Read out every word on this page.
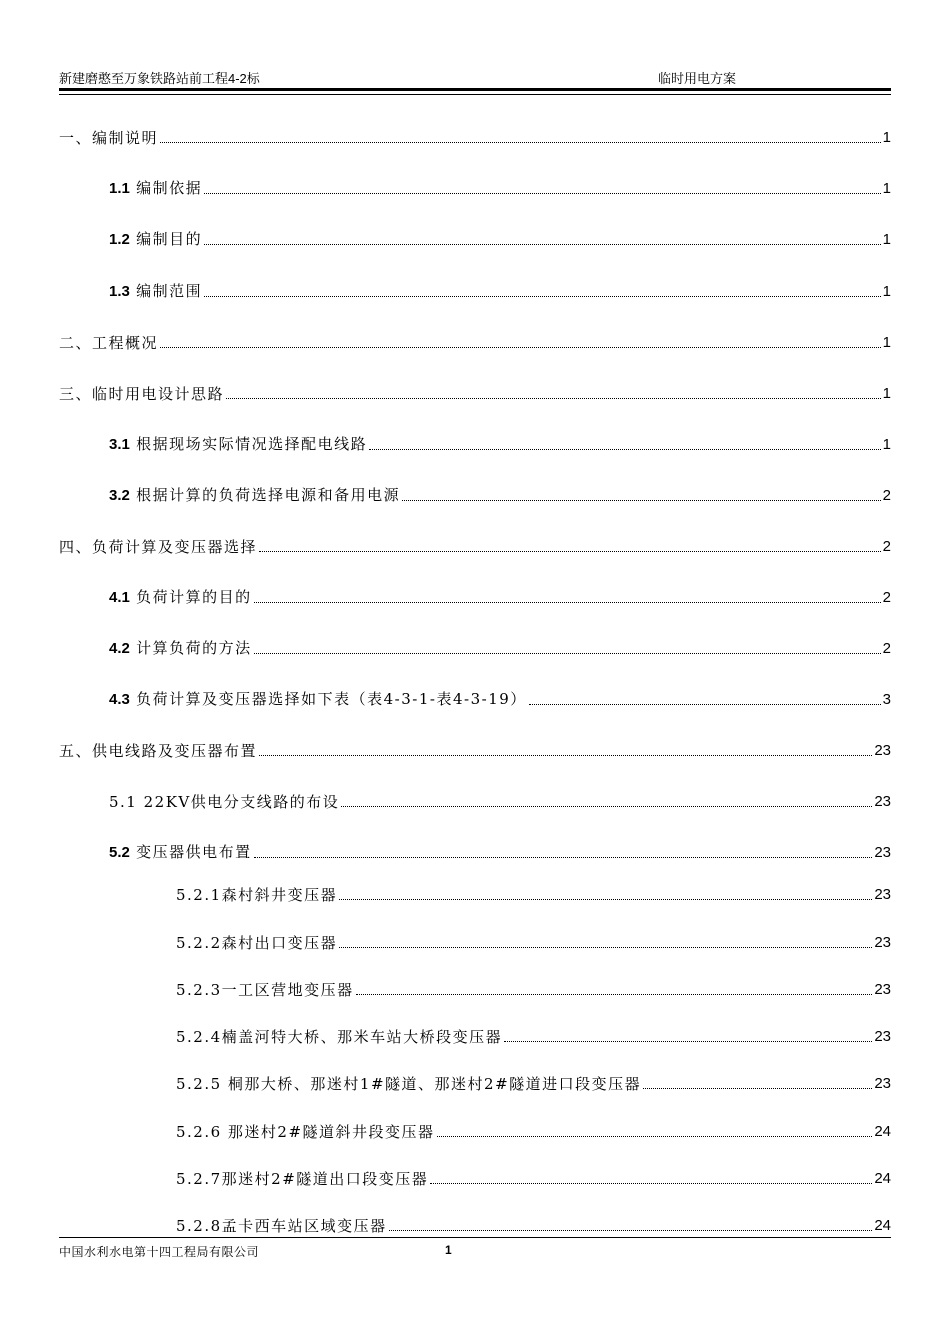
新建磨憨至万象铁路站前工程4-2标	临时用电方案
一、编制说明	1
1.1 编制依据	1
1.2 编制目的	1
1.3 编制范围	1
二、工程概况	1
三、临时用电设计思路	1
3.1 根据现场实际情况选择配电线路	1
3.2 根据计算的负荷选择电源和备用电源	2
四、负荷计算及变压器选择	2
4.1 负荷计算的目的	2
4.2 计算负荷的方法	2
4.3 负荷计算及变压器选择如下表（表4-3-1-表4-3-19）	3
五、供电线路及变压器布置	23
5.1 22KV供电分支线路的布设	23
5.2 变压器供电布置	23
5.2.1森村斜井变压器	23
5.2.2森村出口变压器	23
5.2.3一工区营地变压器	23
5.2.4楠盖河特大桥、那米车站大桥段变压器	23
5.2.5 桐那大桥、那迷村1#隧道、那迷村2#隧道进口段变压器	23
5.2.6 那迷村2#隧道斜井段变压器	24
5.2.7那迷村2#隧道出口段变压器	24
5.2.8孟卡西车站区域变压器	24
中国水利水电第十四工程局有限公司	1
